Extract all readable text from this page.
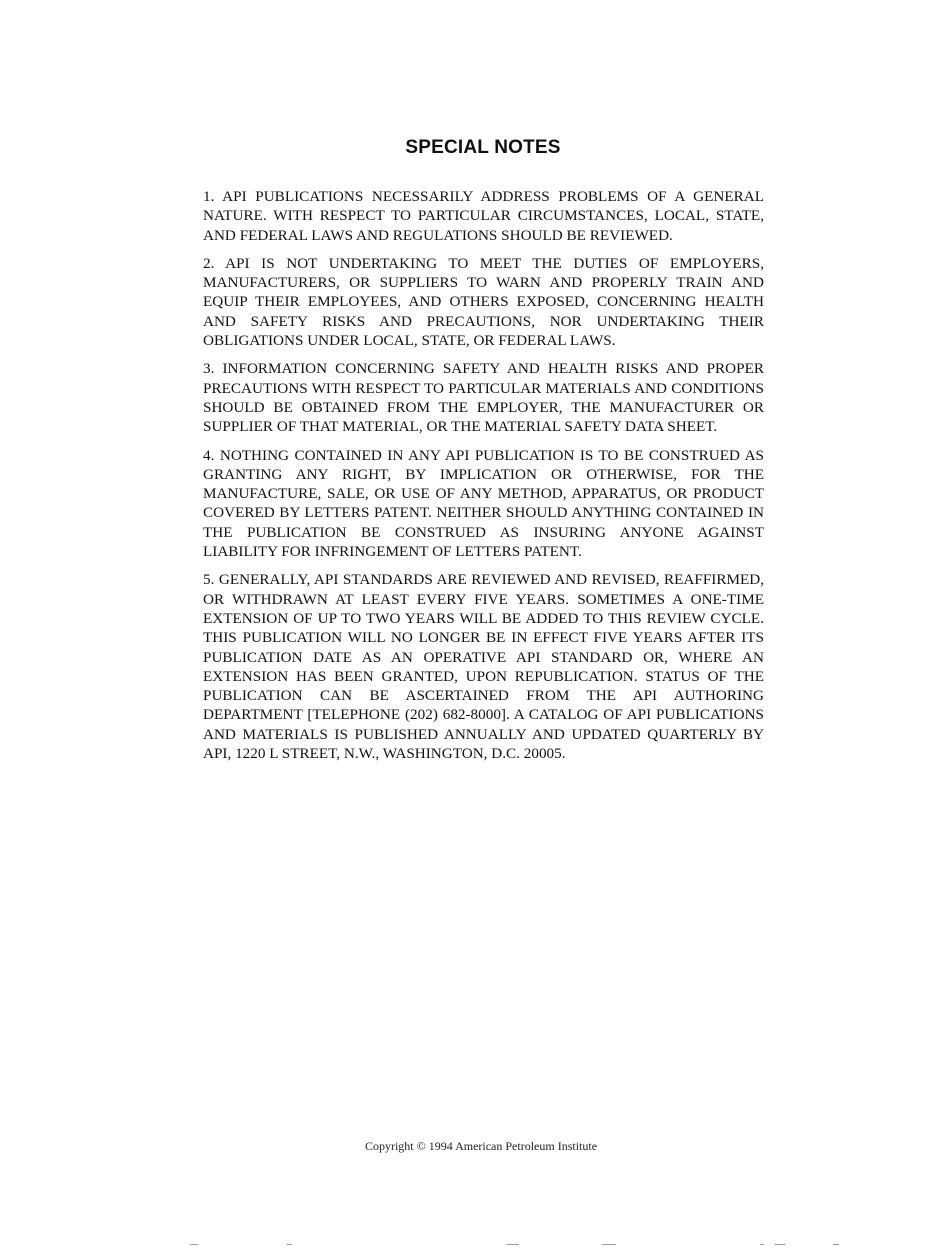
SPECIAL NOTES

1. API PUBLICATIONS NECESSARILY ADDRESS PROBLEMS OF A GENERAL NATURE. WITH RESPECT TO PARTICULAR CIRCUMSTANCES, LOCAL, STATE, AND FEDERAL LAWS AND REGULATIONS SHOULD BE REVIEWED.

2. API IS NOT UNDERTAKING TO MEET THE DUTIES OF EMPLOYERS, MANUFACTURERS, OR SUPPLIERS TO WARN AND PROPERLY TRAIN AND EQUIP THEIR EMPLOYEES, AND OTHERS EXPOSED, CONCERNING HEALTH AND SAFETY RISKS AND PRECAUTIONS, NOR UNDERTAKING THEIR OBLIGATIONS UNDER LOCAL, STATE, OR FEDERAL LAWS.

3. INFORMATION CONCERNING SAFETY AND HEALTH RISKS AND PROPER PRECAUTIONS WITH RESPECT TO PARTICULAR MATERIALS AND CONDITIONS SHOULD BE OBTAINED FROM THE EMPLOYER, THE MANUFACTURER OR SUPPLIER OF THAT MATERIAL, OR THE MATERIAL SAFETY DATA SHEET.

4. NOTHING CONTAINED IN ANY API PUBLICATION IS TO BE CONSTRUED AS GRANTING ANY RIGHT, BY IMPLICATION OR OTHERWISE, FOR THE MANUFACTURE, SALE, OR USE OF ANY METHOD, APPARATUS, OR PRODUCT COVERED BY LETTERS PATENT. NEITHER SHOULD ANYTHING CONTAINED IN THE PUBLICATION BE CONSTRUED AS INSURING ANYONE AGAINST LIABILITY FOR INFRINGEMENT OF LETTERS PATENT.

5. GENERALLY, API STANDARDS ARE REVIEWED AND REVISED, REAFFIRMED, OR WITHDRAWN AT LEAST EVERY FIVE YEARS. SOMETIMES A ONE-TIME EXTENSION OF UP TO TWO YEARS WILL BE ADDED TO THIS REVIEW CYCLE. THIS PUBLICATION WILL NO LONGER BE IN EFFECT FIVE YEARS AFTER ITS PUBLICATION DATE AS AN OPERATIVE API STANDARD OR, WHERE AN EXTENSION HAS BEEN GRANTED, UPON REPUBLICATION. STATUS OF THE PUBLICATION CAN BE ASCERTAINED FROM THE API AUTHORING DEPARTMENT [TELEPHONE (202) 682-8000]. A CATALOG OF API PUBLICATIONS AND MATERIALS IS PUBLISHED ANNUALLY AND UPDATED QUARTERLY BY API, 1220 L STREET, N.W., WASHINGTON, D.C. 20005.

Copyright © 1994 American Petroleum Institute
